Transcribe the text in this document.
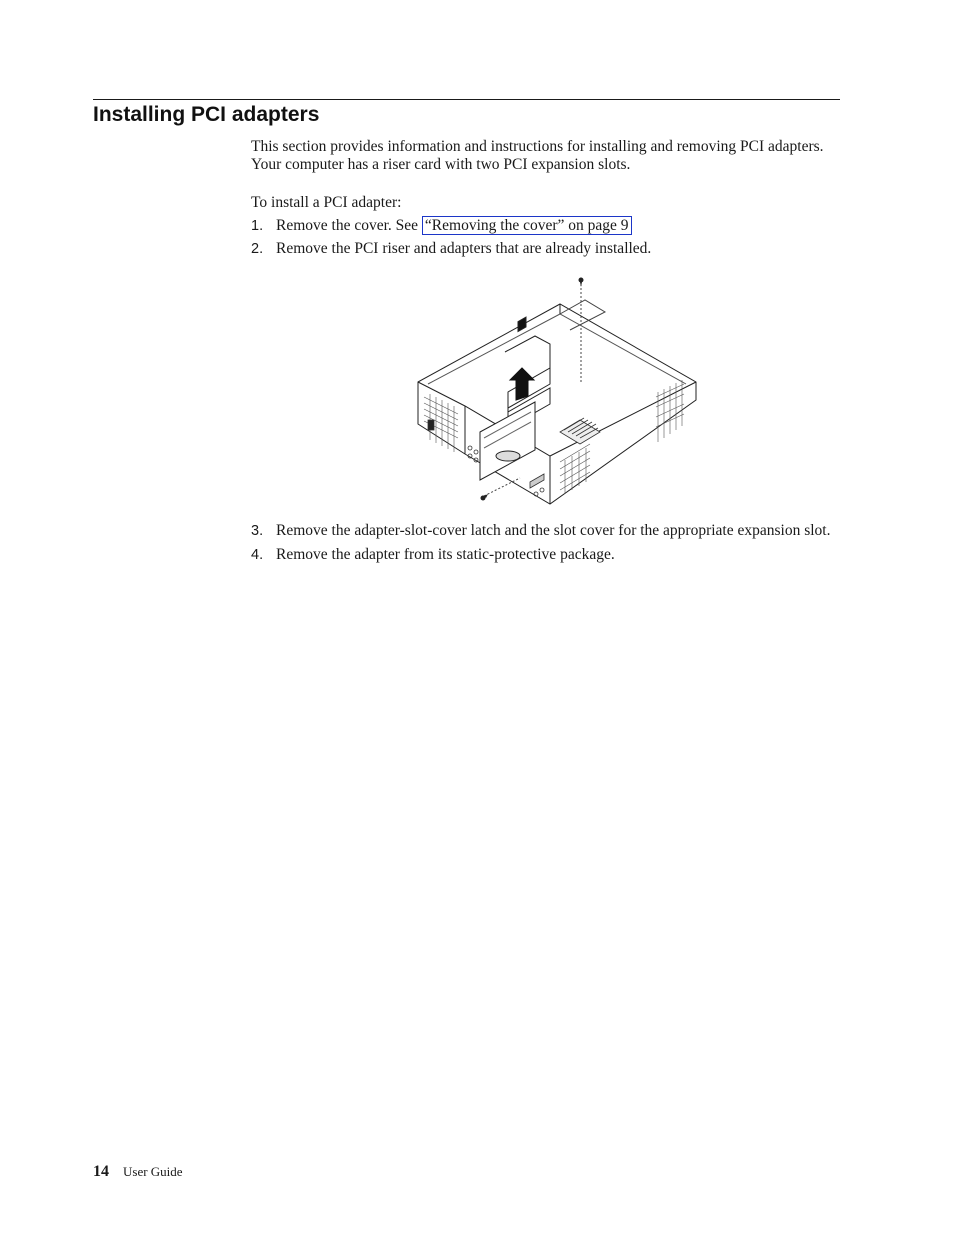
Installing PCI adapters

This section provides information and instructions for installing and removing PCI adapters. Your computer has a riser card with two PCI expansion slots.

To install a PCI adapter:

1. Remove the cover. See “Removing the cover” on page 9
2. Remove the PCI riser and adapters that are already installed.
3. Remove the adapter-slot-cover latch and the slot cover for the appropriate expansion slot.
4. Remove the adapter from its static-protective package.
14 User Guide
